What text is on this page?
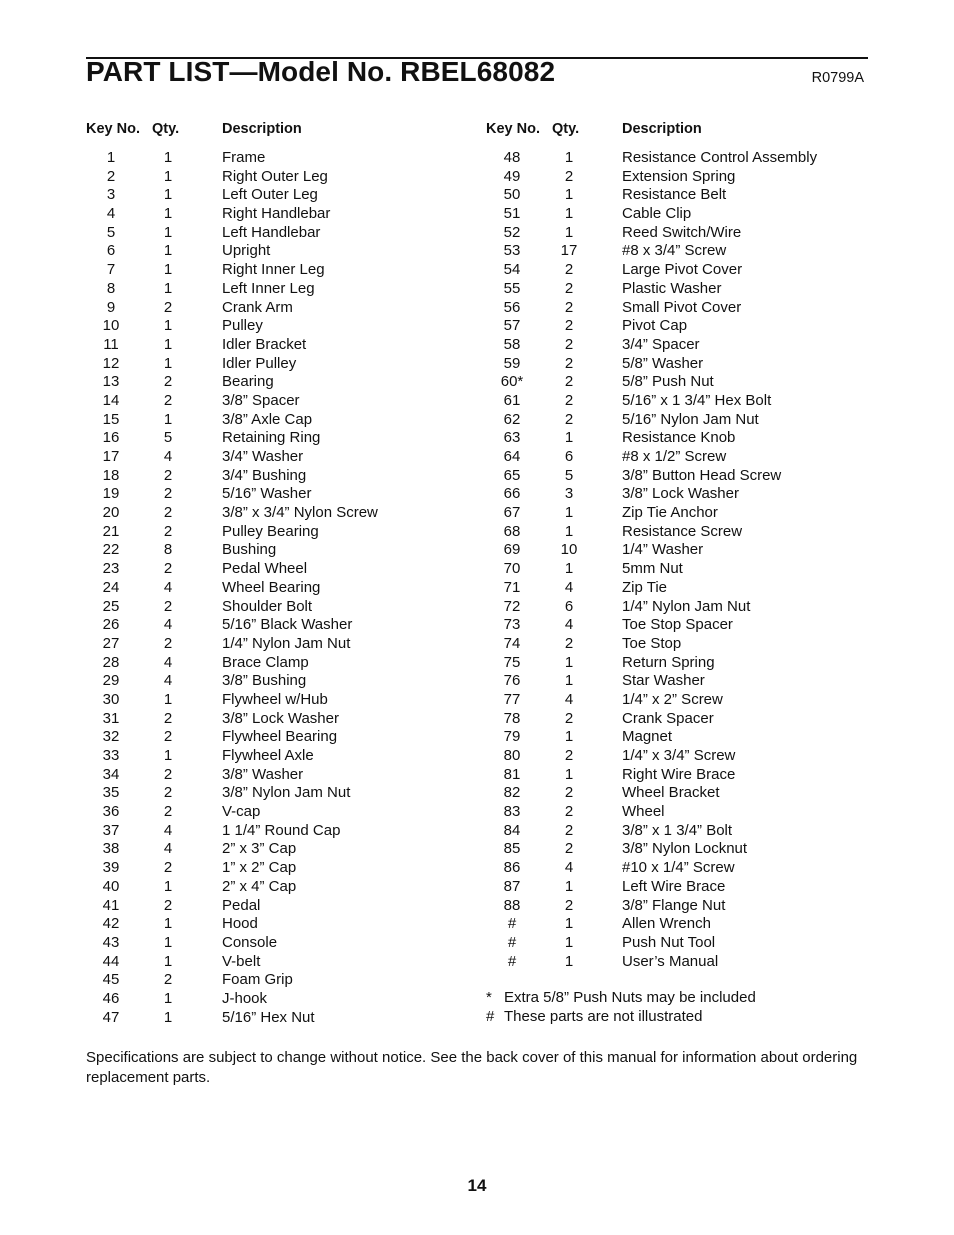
PART LIST—Model No. RBEL68082	R0799A
Key No. Qty.	Description
1	1	Frame
2	1	Right Outer Leg
3	1	Left Outer Leg
4	1	Right Handlebar
5	1	Left Handlebar
6	1	Upright
7	1	Right Inner Leg
8	1	Left Inner Leg
9	2	Crank Arm
10	1	Pulley
11	1	Idler Bracket
12	1	Idler Pulley
13	2	Bearing
14	2	3/8” Spacer
15	1	3/8” Axle Cap
16	5	Retaining Ring
17	4	3/4” Washer
18	2	3/4” Bushing
19	2	5/16” Washer
20	2	3/8” x 3/4” Nylon Screw
21	2	Pulley Bearing
22	8	Bushing
23	2	Pedal Wheel
24	4	Wheel Bearing
25	2	Shoulder Bolt
26	4	5/16” Black Washer
27	2	1/4” Nylon Jam Nut
28	4	Brace Clamp
29	4	3/8” Bushing
30	1	Flywheel w/Hub
31	2	3/8” Lock Washer
32	2	Flywheel Bearing
33	1	Flywheel Axle
34	2	3/8” Washer
35	2	3/8” Nylon Jam Nut
36	2	V-cap
37	4	1 1/4” Round Cap
38	4	2” x 3” Cap
39	2	1” x 2” Cap
40	1	2” x 4” Cap
41	2	Pedal
42	1	Hood
43	1	Console
44	1	V-belt
45	2	Foam Grip
46	1	J-hook
47	1	5/16” Hex Nut
Key No. Qty.	Description
48	1	Resistance Control Assembly
49	2	Extension Spring
50	1	Resistance Belt
51	1	Cable Clip
52	1	Reed Switch/Wire
53	17	#8 x 3/4” Screw
54	2	Large Pivot Cover
55	2	Plastic Washer
56	2	Small Pivot Cover
57	2	Pivot Cap
58	2	3/4” Spacer
59	2	5/8” Washer
60*	2	5/8” Push Nut
61	2	5/16” x 1 3/4” Hex Bolt
62	2	5/16” Nylon Jam Nut
63	1	Resistance Knob
64	6	#8 x 1/2” Screw
65	5	3/8” Button Head Screw
66	3	3/8” Lock Washer
67	1	Zip Tie Anchor
68	1	Resistance Screw
69	10	1/4” Washer
70	1	5mm Nut
71	4	Zip Tie
72	6	1/4” Nylon Jam Nut
73	4	Toe Stop Spacer
74	2	Toe Stop
75	1	Return Spring
76	1	Star Washer
77	4	1/4” x 2” Screw
78	2	Crank Spacer
79	1	Magnet
80	2	1/4” x 3/4” Screw
81	1	Right Wire Brace
82	2	Wheel Bracket
83	2	Wheel
84	2	3/8” x 1 3/4” Bolt
85	2	3/8” Nylon Locknut
86	4	#10 x 1/4” Screw
87	1	Left Wire Brace
88	2	3/8” Flange Nut
#	1	Allen Wrench
#	1	Push Nut Tool
#	1	User’s Manual
* Extra 5/8” Push Nuts may be included
# These parts are not illustrated
Specifications are subject to change without notice. See the back cover of this manual for information about ordering replacement parts.
14
